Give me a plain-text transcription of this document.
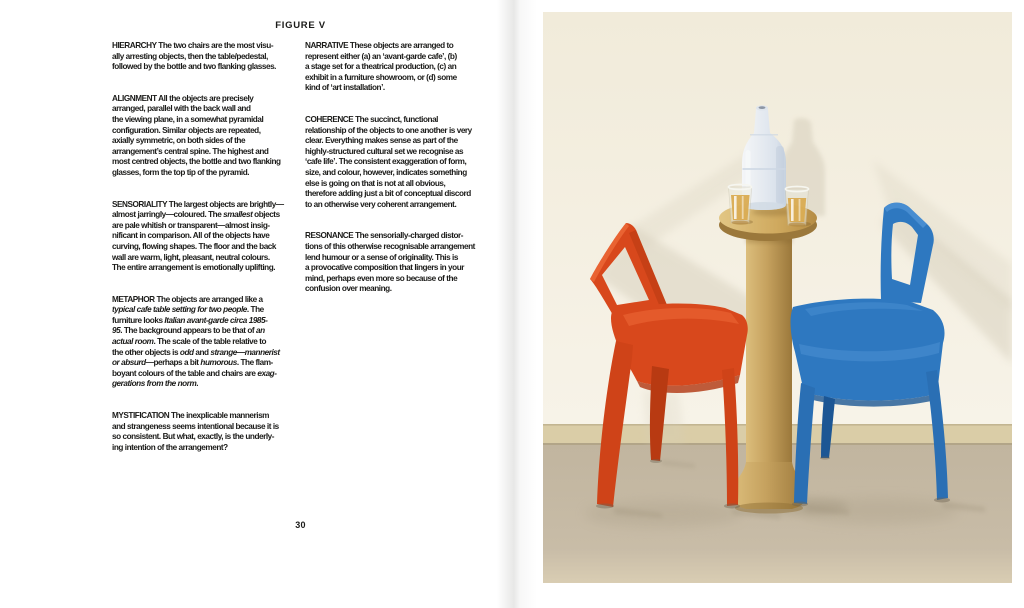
FIGURE V

HIERARCHY The two chairs are the most visu-
ally arresting objects, then the table/pedestal,
followed by the bottle and two flanking glasses.

ALIGNMENT All the objects are precisely
arranged, parallel with the back wall and
the viewing plane, in a somewhat pyramidal
configuration. Similar objects are repeated,
axially symmetric, on both sides of the
arrangement’s central spine. The highest and
most centred objects, the bottle and two flanking
glasses, form the top tip of the pyramid.

SENSORIALITY The largest objects are brightly—
almost jarringly—coloured. The smallest objects
are pale whitish or transparent—almost insig-
nificant in comparison. All of the objects have
curving, flowing shapes. The floor and the back
wall are warm, light, pleasant, neutral colours.
The entire arrangement is emotionally uplifting.

METAPHOR The objects are arranged like a
typical cafe table setting for two people. The
furniture looks Italian avant-garde circa 1985-
95. The background appears to be that of an
actual room. The scale of the table relative to
the other objects is odd and strange—mannerist
or absurd—perhaps a bit humorous. The flam-
boyant colours of the table and chairs are exag-
gerations from the norm.

MYSTIFICATION The inexplicable mannerism
and strangeness seems intentional because it is
so consistent. But what, exactly, is the underly-
ing intention of the arrangement?

NARRATIVE These objects are arranged to
represent either (a) an ‘avant-garde cafe’, (b)
a stage set for a theatrical production, (c) an
exhibit in a furniture showroom, or (d) some
kind of ‘art installation’.

COHERENCE The succinct, functional
relationship of the objects to one another is very
clear. Everything makes sense as part of the
highly-structured cultural set we recognise as
‘cafe life’. The consistent exaggeration of form,
size, and colour, however, indicates something
else is going on that is not at all obvious,
therefore adding just a bit of conceptual discord
to an otherwise very coherent arrangement.

RESONANCE The sensorially-charged distor-
tions of this otherwise recognisable arrangement
lend humour or a sense of originality. This is
a provocative composition that lingers in your
mind, perhaps even more so because of the
confusion over meaning.

30
